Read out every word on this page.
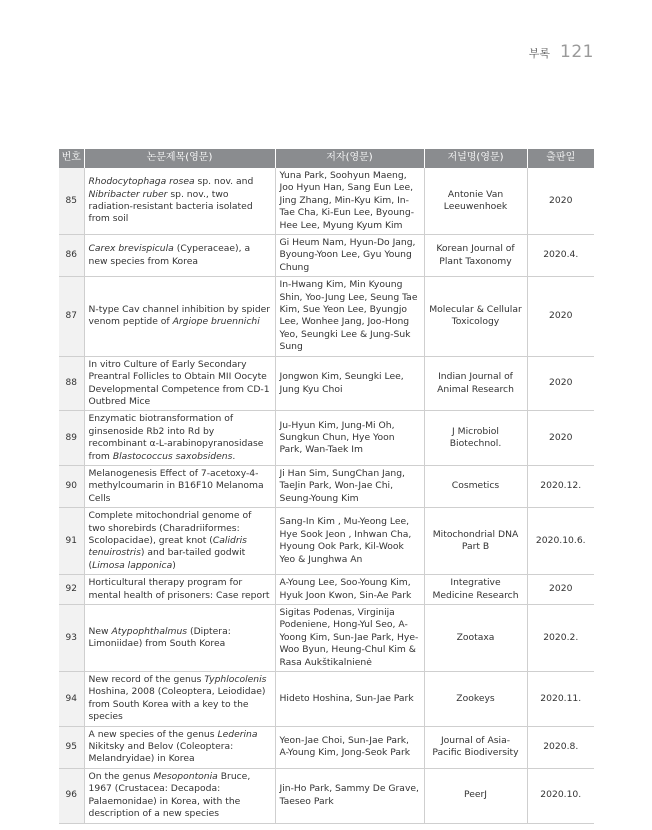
부록 121
번호	논문제목(영문)	저자(영문)	저널명(영문)	출판일
85	Rhodocytophaga rosea sp. nov. and Nibribacter ruber sp. nov., two radiation-resistant bacteria isolated from soil	Yuna Park, Soohyun Maeng, Joo Hyun Han, Sang Eun Lee, Jing Zhang, Min-Kyu Kim, In-Tae Cha, Ki-Eun Lee, Byoung-Hee Lee, Myung Kyum Kim	Antonie Van Leeuwenhoek	2020
86	Carex brevispicula (Cyperaceae), a new species from Korea	Gi Heum Nam, Hyun-Do Jang, Byoung-Yoon Lee, Gyu Young Chung	Korean Journal of Plant Taxonomy	2020.4.
87	N-type Cav channel inhibition by spider venom peptide of Argiope bruennichi	In-Hwang Kim, Min Kyoung Shin, Yoo-Jung Lee, Seung Tae Kim, Sue Yeon Lee, Byungjo Lee, Wonhee Jang, Joo-Hong Yeo, Seungki Lee & Jung-Suk Sung	Molecular & Cellular Toxicology	2020
88	In vitro Culture of Early Secondary Preantral Follicles to Obtain MII Oocyte Developmental Competence from CD-1 Outbred Mice	Jongwon Kim, Seungki Lee, Jung Kyu Choi	Indian Journal of Animal Research	2020
89	Enzymatic biotransformation of ginsenoside Rb2 into Rd by recombinant α-L-arabinopyranosidase from Blastococcus saxobsidens.	Ju-Hyun Kim, Jung-Mi Oh, Sungkun Chun, Hye Yoon Park, Wan-Taek Im	J Microbiol Biotechnol.	2020
90	Melanogenesis Effect of 7-acetoxy-4-methylcoumarin in B16F10 Melanoma Cells	Ji Han Sim, SungChan Jang, TaeJin Park, Won-Jae Chi, Seung-Young Kim	Cosmetics	2020.12.
91	Complete mitochondrial genome of two shorebirds (Charadriiformes: Scolopacidae), great knot (Calidris tenuirostris) and bar-tailed godwit (Limosa lapponica)	Sang-In Kim , Mu-Yeong Lee, Hye Sook Jeon , Inhwan Cha, Hyoung Ook Park, Kil-Wook Yeo & Junghwa An	Mitochondrial DNA Part B	2020.10.6.
92	Horticultural therapy program for mental health of prisoners: Case report	A-Young Lee, Soo-Young Kim, Hyuk Joon Kwon, Sin-Ae Park	Integrative Medicine Research	2020
93	New Atypophthalmus (Diptera: Limoniidae) from South Korea	Sigitas Podenas, Virginija Podeniene, Hong-Yul Seo, A-Yoong Kim, Sun-Jae Park, Hye-Woo Byun, Heung-Chul Kim & Rasa Aukštikalnienė	Zootaxa	2020.2.
94	New record of the genus Typhlocolenis Hoshina, 2008 (Coleoptera, Leiodidae) from South Korea with a key to the species	Hideto Hoshina, Sun-Jae Park	Zookeys	2020.11.
95	A new species of the genus Lederina Nikitsky and Belov (Coleoptera: Melandryidae) in Korea	Yeon-Jae Choi, Sun-Jae Park, A-Young Kim, Jong-Seok Park	Journal of Asia-Pacific Biodiversity	2020.8.
96	On the genus Mesopontonia Bruce, 1967 (Crustacea: Decapoda: Palaemonidae) in Korea, with the description of a new species	Jin-Ho Park, Sammy De Grave, Taeseo Park	PeerJ	2020.10.
